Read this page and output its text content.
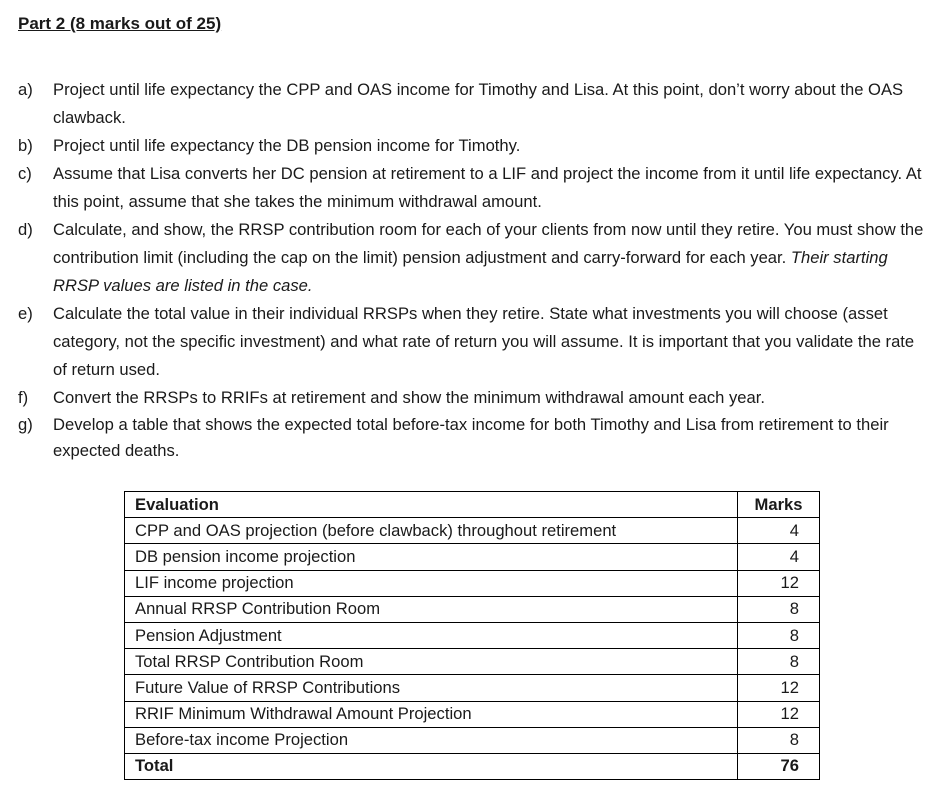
Part 2 (8 marks out of 25)
a)	Project until life expectancy the CPP and OAS income for Timothy and Lisa. At this point, don’t worry about the OAS clawback.
b)	Project until life expectancy the DB pension income for Timothy.
c)	Assume that Lisa converts her DC pension at retirement to a LIF and project the income from it until life expectancy. At this point, assume that she takes the minimum withdrawal amount.
d)	Calculate, and show, the RRSP contribution room for each of your clients from now until they retire. You must show the contribution limit (including the cap on the limit) pension adjustment and carry-forward for each year. Their starting RRSP values are listed in the case.
e)	Calculate the total value in their individual RRSPs when they retire. State what investments you will choose (asset category, not the specific investment) and what rate of return you will assume. It is important that you validate the rate of return used.
f)	Convert the RRSPs to RRIFs at retirement and show the minimum withdrawal amount each year.
g)	Develop a table that shows the expected total before-tax income for both Timothy and Lisa from retirement to their expected deaths.
Evaluation	Marks
CPP and OAS projection (before clawback) throughout retirement	4
DB pension income projection	4
LIF income projection	12
Annual RRSP Contribution Room	8
Pension Adjustment	8
Total RRSP Contribution Room	8
Future Value of RRSP Contributions	12
RRIF Minimum Withdrawal Amount Projection	12
Before-tax income Projection	8
Total	76
